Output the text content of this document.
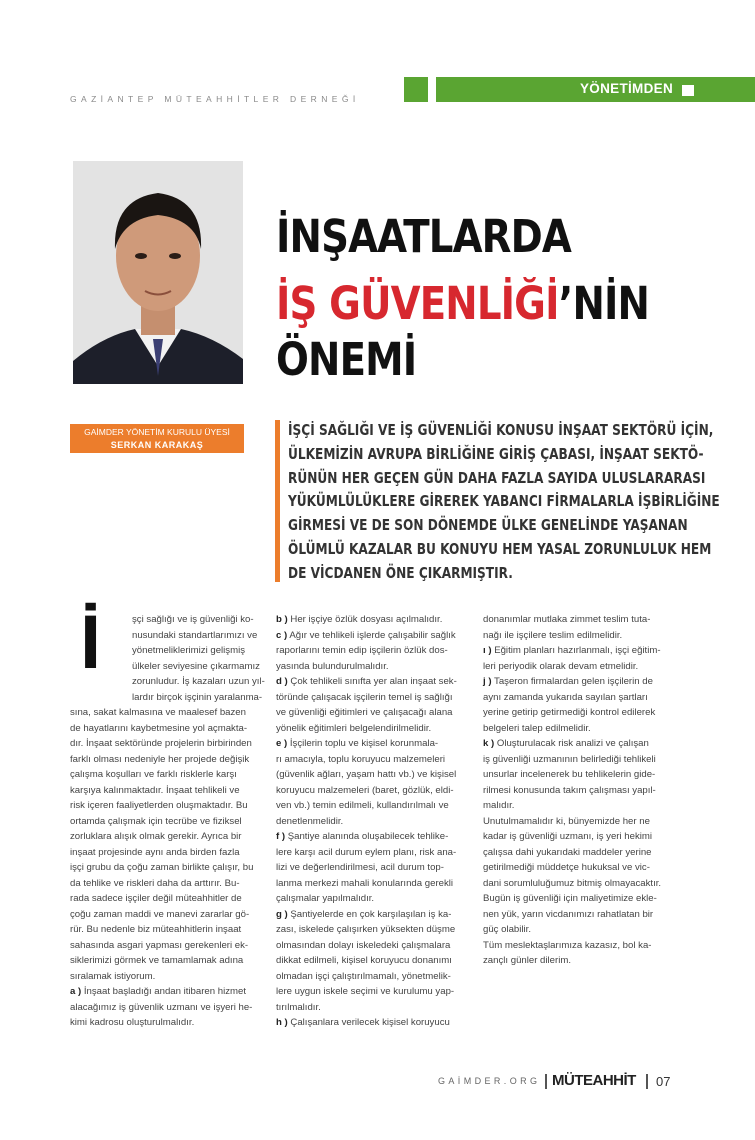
GAZİANTEP MÜTEAHHİTLER DERNEĞİ
YÖNETİMDEN
İNŞAATLARDA
İŞ GÜVENLİĞİ’NİN
ÖNEMİ
GAİMDER YÖNETİM KURULU ÜYESİ
SERKAN KARAKAŞ
İŞÇİ SAĞLIĞI VE İŞ GÜVENLİĞİ KONUSU İNŞAAT SEKTÖRÜ İÇİN,
ÜLKEMİZİN AVRUPA BİRLİĞİNE GİRİŞ ÇABASI, İNŞAAT SEKTÖ-
RÜNÜN HER GEÇEN GÜN DAHA FAZLA SAYIDA ULUSLARARASI
YÜKÜMLÜLÜKLERE GİREREK YABANCI FİRMALARLA İŞBİRLİĞİNE
GİRMESİ VE DE SON DÖNEMDE ÜLKE GENELİNDE YAŞANAN
ÖLÜMLÜ KAZALAR BU KONUYU HEM YASAL ZORUNLULUK HEM
DE VİCDANEN ÖNE ÇIKARMIŞTIR.
İ	şçi sağlığı ve iş güvenliği ko-

nusundaki standartlarımızı ve

yönetmeliklerimizi gelişmiş

ülkeler seviyesine çıkarmamız

zorunludur. İş kazaları uzun yıl-

lardır birçok işçinin yaralanma-

sına, sakat kalmasına ve maalesef bazen

de hayatlarını kaybetmesine yol açmakta-

dır. İnşaat sektöründe projelerin birbirinden

farklı olması nedeniyle her projede değişik

çalışma koşulları ve farklı risklerle karşı

karşıya kalınmaktadır. İnşaat tehlikeli ve

risk içeren faaliyetlerden oluşmaktadır. Bu

ortamda çalışmak için tecrübe ve fiziksel

zorluklara alışık olmak gerekir. Ayrıca bir

inşaat projesinde aynı anda birden fazla

işçi grubu da çoğu zaman birlikte çalışır, bu

da tehlike ve riskleri daha da arttırır. Bu-

rada sadece işçiler değil müteahhitler de

çoğu zaman maddi ve manevi zararlar gö-

rür. Bu nedenle biz müteahhitlerin inşaat

sahasında asgari yapması gerekenleri ek-

siklerimizi görmek ve tamamlamak adına

sıralamak istiyorum.

a ) İnşaat başladığı andan itibaren hizmet

alacağımız iş güvenlik uzmanı ve işyeri he-

kimi kadrosu oluşturulmalıdır.

b ) Her işçiye özlük dosyası açılmalıdır.

c ) Ağır ve tehlikeli işlerde çalışabilir sağlık

raporlarını temin edip işçilerin özlük dos-

yasında bulundurulmalıdır.

d ) Çok tehlikeli sınıfta yer alan inşaat sek-

töründe çalışacak işçilerin temel iş sağlığı

ve güvenliği eğitimleri ve çalışacağı alana

yönelik eğitimleri belgelendirilmelidir.

e ) İşçilerin toplu ve kişisel korunmala-

rı amacıyla, toplu koruyucu malzemeleri

(güvenlik ağları, yaşam hattı vb.) ve kişisel

koruyucu malzemeleri (baret, gözlük, eldi-

ven vb.) temin edilmeli, kullandırılmalı ve

denetlenmelidir.

f ) Şantiye alanında oluşabilecek tehlike-

lere karşı acil durum eylem planı, risk ana-

lizi ve değerlendirilmesi, acil durum top-

lanma merkezi mahali konularında gerekli

çalışmalar yapılmalıdır.

g ) Şantiyelerde en çok karşılaşılan iş ka-

zası, iskelede çalışırken yüksekten düşme

olmasından dolayı iskeledeki çalışmalara

dikkat edilmeli, kişisel koruyucu donanımı

olmadan işçi çalıştırılmamalı, yönetmelik-

lere uygun iskele seçimi ve kurulumu yap-

tırılmalıdır.

h ) Çalışanlara verilecek kişisel koruyucu

donanımlar mutlaka zimmet teslim tuta-

nağı ile işçilere teslim edilmelidir.

ı ) Eğitim planları hazırlanmalı, işçi eğitim-

leri periyodik olarak devam etmelidir.

j ) Taşeron firmalardan gelen işçilerin de

aynı zamanda yukarıda sayılan şartları

yerine getirip getirmediği kontrol edilerek

belgeleri talep edilmelidir.

k ) Oluşturulacak risk analizi ve çalışan

iş güvenliği uzmanının belirlediği tehlikeli

unsurlar incelenerek bu tehlikelerin gide-

rilmesi konusunda takım çalışması yapıl-

malıdır.

Unutulmamalıdır ki, bünyemizde her ne

kadar iş güvenliği uzmanı, iş yeri hekimi

çalışsa dahi yukarıdaki maddeler yerine

getirilmediği müddetçe hukuksal ve vic-

dani sorumluluğumuz bitmiş olmayacaktır.

Bugün iş güvenliği için maliyetimize ekle-

nen yük, yarın vicdanımızı rahatlatan bir

güç olabilir.

Tüm meslektaşlarımıza kazasız, bol ka-

zançlı günler dilerim.

GAİMDER.ORG MÜTEAHHİT 07
